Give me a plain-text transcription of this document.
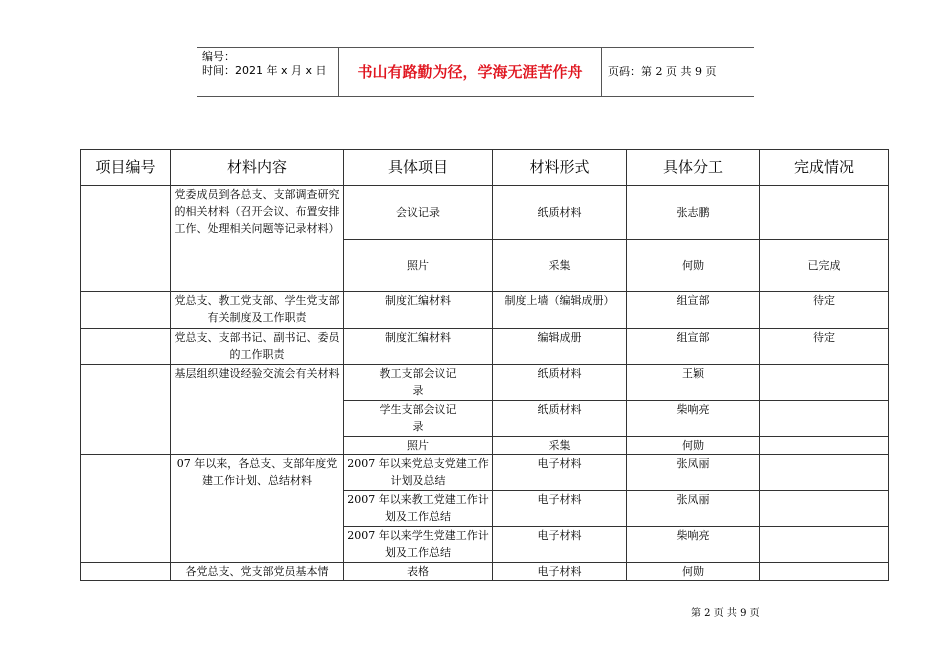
编号：
时间：2021 年 x 月 x 日	书山有路勤为径，学海无涯苦作舟	页码：第 2 页 共 9 页
项目编号	材料内容	具体项目	材料形式	具体分工	完成情况
	党委成员到各总支、支部调查研究的相关材料（召开会议、布置安排工作、处理相关问题等记录材料）	会议记录	纸质材料	张志鹏	
		照片	采集	何勋	已完成
	党总支、教工党支部、学生党支部有关制度及工作职责	制度汇编材料	制度上墙（编辑成册）	组宣部	待定
	党总支、支部书记、副书记、委员的工作职责	制度汇编材料	编辑成册	组宣部	待定
	基层组织建设经验交流会有关材料	教工支部会议记录	纸质材料	王颖	

		学生支部会议记录	纸质材料	柴响亮	
		照片	采集	何勋	
	07 年以来，各总支、支部年度党建工作计划、总结材料	2007 年以来党总支党建工作计划及总结	电子材料	张凤丽	
		2007 年以来教工党建工作计划及工作总结	电子材料	张凤丽	
		2007 年以来学生党建工作计划及工作总结	电子材料	柴响亮	
	各党总支、党支部党员基本情	表格	电子材料	何勋	
第 2 页 共 9 页
